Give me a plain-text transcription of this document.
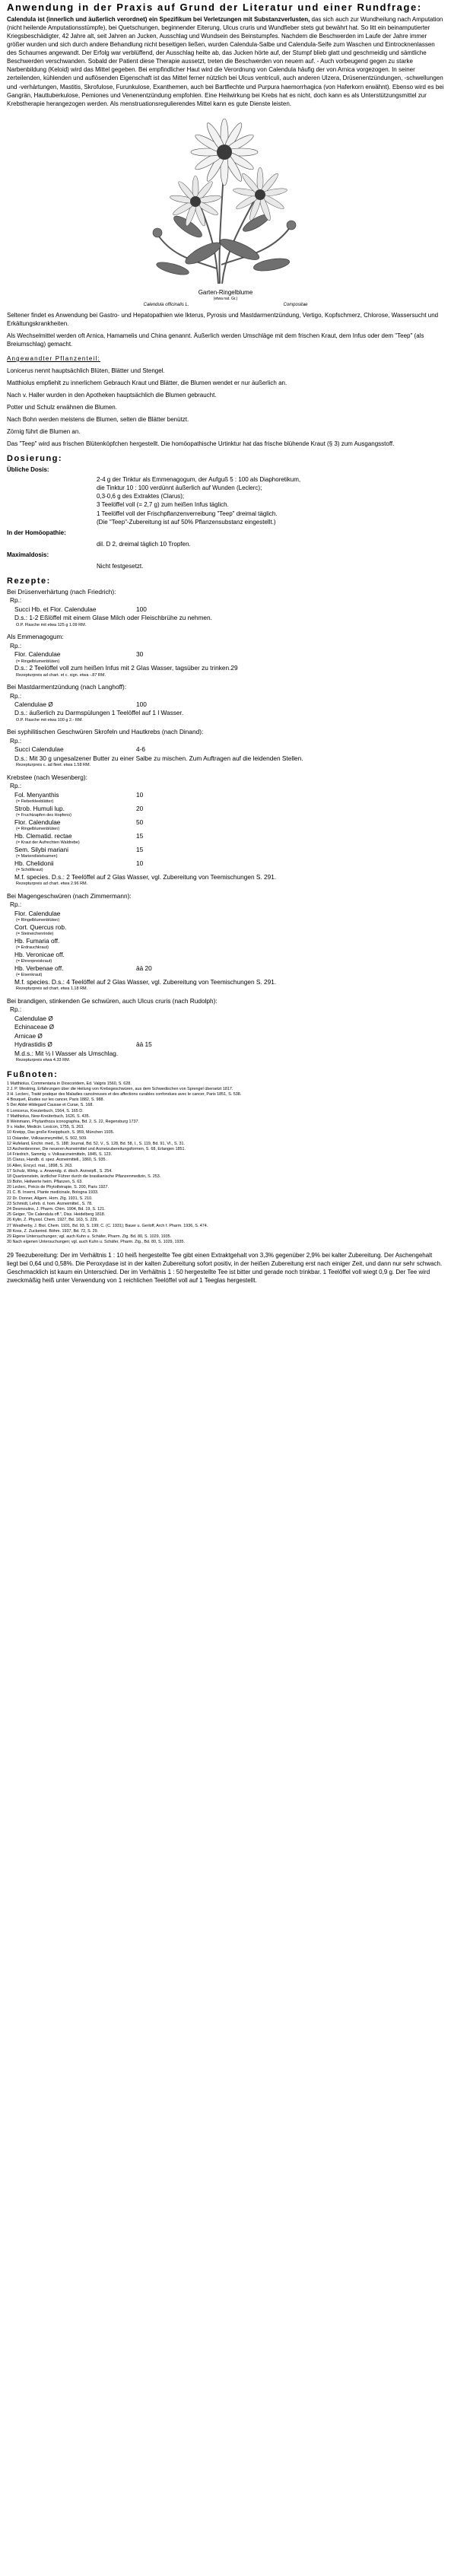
Anwendung in der Praxis auf Grund der Literatur und einer Rundfrage:

Calendula ist (innerlich und äußerlich verordnet) ein Spezifikum bei Verletzungen mit Substanzverlusten, das sich auch zur Wundheilung nach Amputation (nicht heilende Amputationsstümpfe), bei Quetschungen, beginnender Eiterung, Ulcus cruris und Wundfieber stets gut bewährt hat. So litt ein beinamputierter Kriegsbeschädigter, 42 Jahre alt, seit Jahren an Jucken, Ausschlag und Wundsein des Beinstumpfes. Nachdem die Beschwerden im Laufe der Jahre immer größer wurden und sich durch andere Behandlung nicht beseitigen ließen, wurden Calendula-Salbe und Calendula-Seife zum Waschen und Eintrocknenlassen des Schaumes angewandt. Der Erfolg war verblüffend, der Ausschlag heilte ab, das Jucken hörte auf, der Stumpf blieb glatt und geschmeidig und sämtliche Beschwerden verschwanden. Sobald der Patient diese Therapie aussetzt, treten die Beschwerden von neuem auf. - Auch vorbeugend gegen zu starke Narbenbildung (Keloid) wird das Mittel gegeben. Bei empfindlicher Haut wird die Verordnung von Calendula häufig der von Arnica vorgezogen. In seiner zerteilenden, kühlenden und auflösenden Eigenschaft ist das Mittel ferner nützlich bei Ulcus ventriculi, auch anderen Ulzera, Drüsenentzündungen, -schwellungen und -verhärtungen, Mastitis, Skrofulose, Furunkulose, Exanthemen, auch bei Bartflechte und Purpura haemorrhagica (von Haferkorn erwähnt). Ebenso wird es bei Gangrän, Hauttuberkulose, Pemiones und Venenentzündung empfohlen. Eine Heilwirkung bei Krebs hat es nicht, doch kann es als Unterstützungsmittel zur Krebstherapie herangezogen werden. Als menstruationsregulierendes Mittel kann es gute Dienste leisten.

Garten-Ringelblume
(etwa nat. Gr.)
Calendula officinalis L.	Compositae

Seltener findet es Anwendung bei Gastro- und Hepatopathien wie Ikterus, Pyrosis und Mastdarmentzündung, Vertigo, Kopfschmerz, Chlorose, Wassersucht und Erkältungskrankheiten.

Als Wechselmittel werden oft Arnica, Hamamelis und China genannt. Äußerlich werden Umschläge mit dem frischen Kraut, dem Infus oder dem "Teep" (als Breiumschlag) gemacht.

Angewandter Pflanzenteil:

Lonicerus nennt hauptsächlich Blüten, Blätter und Stengel.

Matthiolus empfiehlt zu innerlichem Gebrauch Kraut und Blätter, die Blumen wendet er nur äußerlich an.

Nach v. Haller wurden in den Apotheken hauptsächlich die Blumen gebraucht.

Potter und Schulz erwähnen die Blumen.

Nach Bohn werden meistens die Blumen, selten die Blätter benützt.

Zörnig führt die Blumen an.

Das "Teep" wird aus frischen Blütenköpfchen hergestellt. Die homöopathische Urtinktur hat das frische blühende Kraut (§ 3) zum Ausgangsstoff.

Dosierung:
Übliche Dosis:
2-4 g der Tinktur als Emmenagogum, der Aufguß 5 : 100 als Diaphoretikum,
die Tinktur 10 : 100 verdünnt äußerlich auf Wunden (Leclerc);
0,3-0,6 g des Extraktes (Clarus);
3 Teelöffel voll (= 2,7 g) zum heißen Infus täglich.
1 Teelöffel voll der Frischpflanzenverreibung "Teep" dreimal täglich.
(Die "Teep"-Zubereitung ist auf 50% Pflanzensubstanz eingestellt.)
In der Homöopathie:
dil. D 2, dreimal täglich 10 Tropfen.
Maximaldosis:
Nicht festgesetzt.
Rezepte:
Bei Drüsenverhärtung (nach Friedrich):
Rp.:
Succi Hb. et Flor. Calendulae	100
D.s.: 1-2 Eßlöffel mit einem Glase Milch oder Fleischbrühe zu nehmen.
O.P. Flasche mit etwa 125 g 1.09 RM.
Als Emmenagogum:
Rp.:
Flor. Calendulae	30
(= Ringelblumenblüten)
D.s.: 2 Teelöffel voll zum heißen Infus mit 2 Glas Wasser, tagsüber zu trinken.29
Rezepturpreis ad chart. et c. sign. etwa -.87 RM.
Bei Mastdarmentzündung (nach Langhoff):
Rp.:
Calendulae Ø	100
D.s.: äußerlich zu Darmspülungen 1 Teelöffel auf 1 l Wasser.
O.P. Flasche mit etwa 100 g 2.- RM.
Bei syphilitischen Geschwüren Skrofeln und Hautkrebs (nach Dinand):
Rp.:
Succi Calendulae	4-6
D.s.: Mit 30 g ungesalzener Butter zu einer Salbe zu mischen. Zum Auftragen auf die leidenden Stellen.
Rezepturpreis c. ad fleet. etwa 1.58 RM.
Krebstee (nach Wesenberg):
Rp.:
Fol. Menyanthis	10
(= Fieberkleeblätter)
Strob. Humuli lup.	20
(= Fruchtzapfen des Hopfens)
Flor. Calendulae	50
(= Ringelblumenblüten)
Hb. Clematid. rectae	15
(= Kraut der Aufrechten Waldrebe)
Sem. Silybi mariani	15
(= Mariendistelsamen)
Hb. Chelidonii	10
(= Schöllkraut)
M.f. species. D.s.: 2 Teelöffel auf 2 Glas Wasser, vgl. Zubereitung von Teemischungen S. 291.
Rezepturpreis ad chart. etwa 2.96 RM.
Bei Magengeschwüren (nach Zimmermann):
Rp.:
Flor. Calendulae
(= Ringelblumenblüten)
Cort. Quercus rob.
(= Steineichenrinde)
Hb. Fumaria off.
(= Erdrauchkraut)
Hb. Veronicae off.
(= Ehrenpreiskraut)
Hb. Verbenae off.	āā 20
(= Eisenkraut)
M.f. species. D.s.: 4 Teelöffel auf 2 Glas Wasser, vgl. Zubereitung von Teemischungen S. 291.
Rezepturpreis ad chart. etwa 1.18 RM.
Bei brandigen, stinkenden Ge schwüren, auch Ulcus cruris (nach Rudolph):
Rp.:
Calendulae Ø
Echinaceae Ø
Arnicae Ø
Hydrastidis Ø	āā 15
M.d.s.: Mit ½ l Wasser als Umschlag.
Rezepturpreis etwa 4.33 RM.
Fußnoten:
1 Matthiolus, Commentaria in Dioscoridem, Ed. Valgris 1560, S. 628.
2 J. P. Westring, Erfahrungen über die Heilung von Krebsgeschwüren, aus dem Schwedischen von Sprengel übersetzt 1817.
3 H. Leclerc, Traité pratique des Maladies cancéreuses et des affections curables confondues avec le cancer, Paris 1851, S. 538.
4 Bouquet, Études sur les cancer, Paris 1882, S. 988.
5 Der Abbé Hildegard Causae et Curae, S. 168.
6 Lonicerus, Kreuterbuch, 1564, S. 165 D.
7 Matthiolus, New-Kreüterbuch, 1626, S. 435.
8 Weinmann, Phytanthoza iconographia, Bd. 2, S. 22, Regensburg 1737.
9 v. Haller, Medicin. Lexicon, 1755, S. 263.
10 Kneipp, Das große Kneippbuch, S. 959, München 1935.
11 Osiander, Volksarzneymittel, S. 502, 509.
12 Hufeland, Enchir. med., S. 188; Journal, Bd. 52, V., S. 128, Bd. 58, I., S. 119, Bd. 91, VI., S. 31.
13 Aschenbrenner, Die neueren Arzneimittel und Arzneizubereitungsformen, S. 68, Erlangen 1851.
14 Friedrich, Sammlg. v. Volksarzneimitteln, 1845, S. 123.
15 Clarus, Handb. d. spez. Arzneimittell., 1860, S. 935.
16 Allen, Encycl. mat., 1898, S. 263.
17 Schulz, Wirkg. u. Anwendg. d. dtsch. Arzneipfl., S. 254.
18 Quartzenstein, ärztlicher Führer durch die brasilianische Pflanzenmedizin, S. 253.
19 Bohn, Heilwerte heim. Pflanzen, S. 63.
20 Leclerc, Précis de Phytothérapie, S. 200, Paris 1927.
21 C. B. Inverni, Piante medicinale, Bologna 1933.
22 Dr. Donner, Allgem. Hom. Ztg. 1931, S. 210.
23 Schmidt, Lehrb. d. hom. Arzneimittel., S. 78.
24 Desmoulins, J. Pharm. Chim. 1904, Bd. 19, S. 121.
25 Geiger, "De Calendula off.", Diss. Heidelberg 1818.
26 Kylin, Z. Physiol. Chem. 1927, Bd. 163, S. 229.
27 Weatherby, J. Biol. Chem. 1931, Bd. 93, S. 199; C. (C. 1931); Bauer u. Gerloff, Arch f. Pharm. 1936, S. 474.
28 Koss, Z. Zuckerind. Böhm. 1937, Bd. 72, S. 29.
29 Eigene Untersuchungen; vgl. auch Kuhn u. Schäfer, Pharm. Ztg. Bd. 80, S. 1029, 1935.
30 Nach eigenen Untersuchungen; vgl. auch Kuhn u. Schäfer, Pharm. Ztg., Bd. 80, S. 1029, 1935.

29 Teezubereitung: Der im Verhältnis 1 : 10 heiß hergestellte Tee gibt einen Extraktgehalt von 3,3% gegenüber 2,9% bei kalter Zubereitung. Der Aschengehalt liegt bei 0,64 und 0,58%. Die Peroxydase ist in der kalten Zubereitung sofort positiv, in der heißen Zubereitung erst nach einiger Zeit, und dann nur sehr schwach. Geschmacklich ist kaum ein Unterschied. Der im Verhältnis 1 : 50 hergestellte Tee ist bitter und gerade noch trinkbar. 1 Teelöffel voll wiegt 0,9 g. Der Tee wird zweckmäßig heiß unter Verwendung von 1 reichlichen Teelöffel voll auf 1 Teeglas hergestellt.
